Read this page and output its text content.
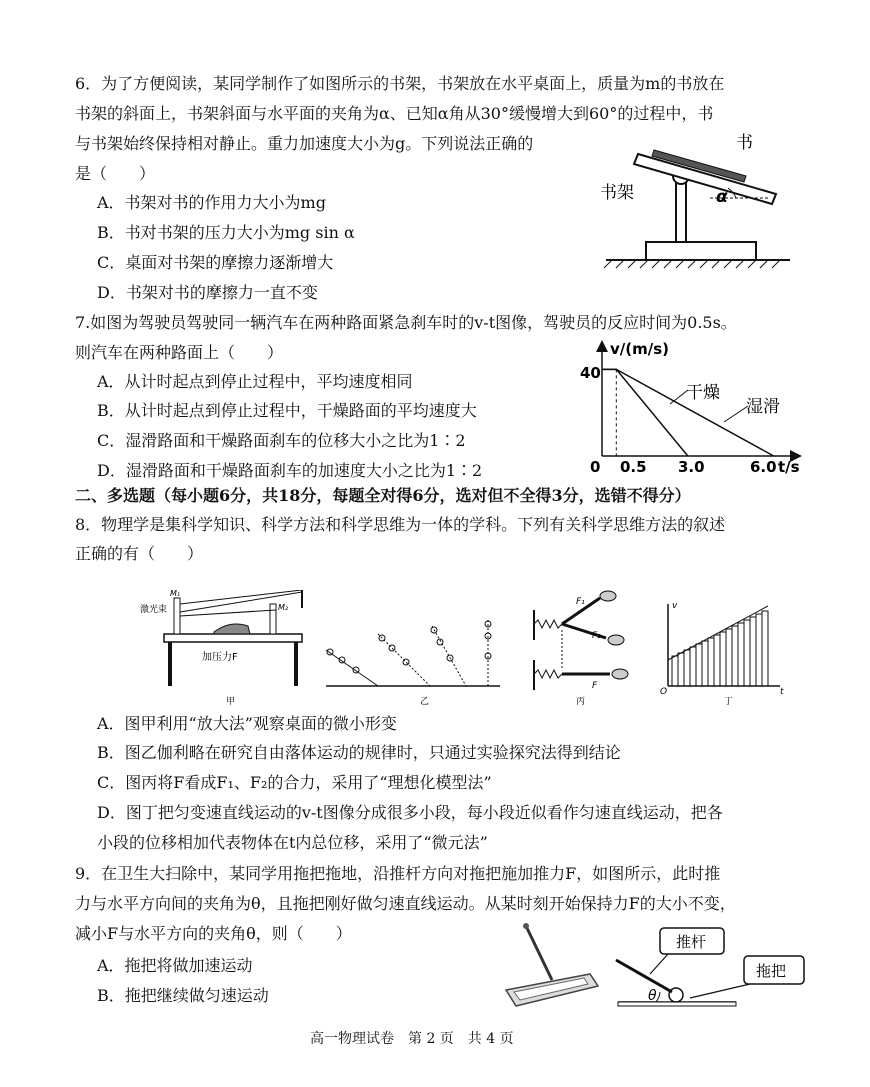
6．为了方便阅读，某同学制作了如图所示的书架，书架放在水平桌面上，质量为m的书放在
书架的斜面上，书架斜面与水平面的夹角为α、已知α角从30°缓慢增大到60°的过程中，书
与书架始终保持相对静止。重力加速度大小为g。下列说法正确的
是（　　）
A．书架对书的作用力大小为mg
B．书对书架的压力大小为mg sin α
C．桌面对书架的摩擦力逐渐增大
D．书架对书的摩擦力一直不变
书
书架	α
7.如图为驾驶员驾驶同一辆汽车在两种路面紧急刹车时的v-t图像，驾驶员的反应时间为0.5s。
则汽车在两种路面上（　　）
A．从计时起点到停止过程中，平均速度相同
B．从计时起点到停止过程中，干燥路面的平均速度大
C．湿滑路面和干燥路面刹车的位移大小之比为1∶2
D．湿滑路面和干燥路面刹车的加速度大小之比为1∶2
v/(m/s)
t/s
0
40
0.5 3.0	6.0
干燥
湿滑
二、多选题（每小题6分，共18分，每题全对得6分，选对但不全得3分，选错不得分）
8．物理学是集科学知识、科学方法和科学思维为一体的学科。下列有关科学思维方法的叙述
正确的有（　　）
M₁
M₂
激光束
加压力F
甲	乙
F₁
F₂
F
丙
v
t
O
丁
A．图甲利用“放大法”观察桌面的微小形变
B．图乙伽利略在研究自由落体运动的规律时，只通过实验探究法得到结论
C．图丙将F看成F₁、F₂的合力，采用了“理想化模型法”
D．图丁把匀变速直线运动的v-t图像分成很多小段，每小段近似看作匀速直线运动，把各
小段的位移相加代表物体在t内总位移，采用了“微元法”
9．在卫生大扫除中，某同学用拖把拖地，沿推杆方向对拖把施加推力F，如图所示，此时推
力与水平方向间的夹角为θ，且拖把刚好做匀速直线运动。从某时刻开始保持力F的大小不变，
减小F与水平方向的夹角θ，则（　　）
A．拖把将做加速运动
B．拖把继续做匀速运动	θ
推杆
拖把
高一物理试卷　第 2 页　共 4 页
